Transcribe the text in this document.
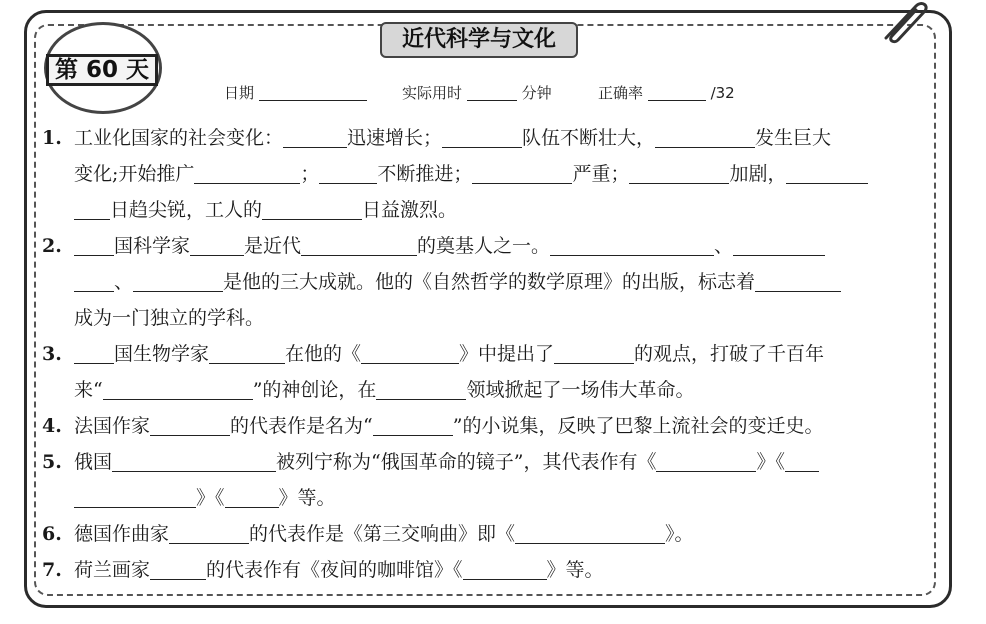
近代科学与文化
第 60 天
日期	实际用时	分钟	正确率	/32
1. 工业化国家的社会变化：	迅速增长；	队伍不断壮大，	发生巨大
变化;开始推广	；	不断推进；	严重；	加剧，
日趋尖锐，工人的	日益激烈。
2.	国科学家	是近代	的奠基人之一。	、
、	是他的三大成就。他的《自然哲学的数学原理》的出版，标志着
成为一门独立的学科。
3.	国生物学家	在他的《	》中提出了	的观点，打破了千百年
来“	”的神创论，在	领域掀起了一场伟大革命。
4. 法国作家	的代表作是名为“	”的小说集，反映了巴黎上流社会的变迁史。
5. 俄国	被列宁称为“俄国革命的镜子”，其代表作有《	》《
》《	》等。
6. 德国作曲家	的代表作是《第三交响曲》即《	》。
7. 荷兰画家	的代表作有《夜间的咖啡馆》《	》等。
